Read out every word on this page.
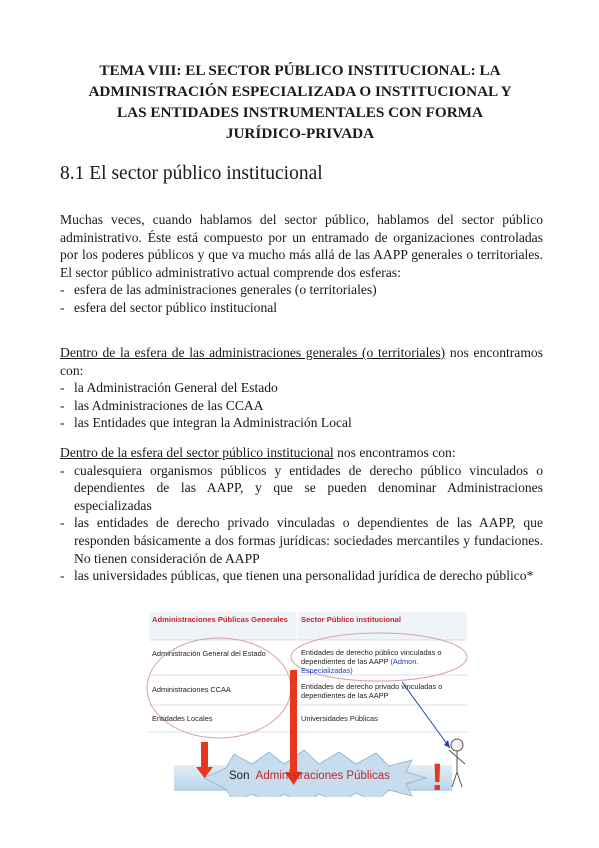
TEMA VIII: EL SECTOR PÚBLICO INSTITUCIONAL: LA
ADMINISTRACIÓN ESPECIALIZADA O INSTITUCIONAL Y
LAS ENTIDADES INSTRUMENTALES CON FORMA
JURÍDICO-PRIVADA
8.1 El sector público institucional

Muchas veces, cuando hablamos del sector público, hablamos del sector público administrativo. Éste está compuesto por un entramado de organizaciones controladas por los poderes públicos y que va mucho más allá de las AAPP generales o territoriales. El sector público administrativo actual comprende dos esferas:

- esfera de las administraciones generales (o territoriales)
- esfera del sector público institucional

Dentro de la esfera de las administraciones generales (o territoriales) nos encontramos con:

- la Administración General del Estado
- las Administraciones de las CCAA
- las Entidades que integran la Administración Local

Dentro de la esfera del sector público institucional nos encontramos con:

- cualesquiera organismos públicos y entidades de derecho público vinculados o dependientes de las AAPP, y que se pueden denominar Administraciones especializadas
- las entidades de derecho privado vinculadas o dependientes de las AAPP, que responden básicamente a dos formas jurídicas: sociedades mercantiles y fundaciones. No tienen consideración de AAPP
- las universidades públicas, que tienen una personalidad jurídica de derecho público*
!
Administraciones Públicas Generales	Sector Público institucional
Administración General del Estado	Entidades de derecho público vinculadas o dependientes de las AAPP (Admon. Especializadas)
Administraciones CCAA	Entidades de derecho privado vinculadas o dependientes de las AAPP
Entidades Locales	Universidades Públicas
Son Administraciones Públicas
